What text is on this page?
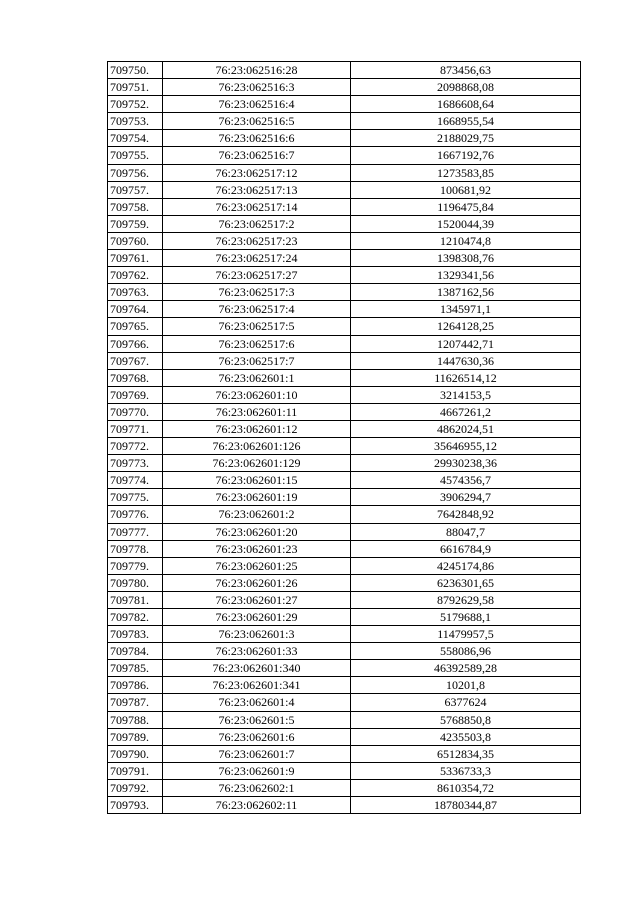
709750.	76:23:062516:28	873456,63
709751.	76:23:062516:3	2098868,08
709752.	76:23:062516:4	1686608,64
709753.	76:23:062516:5	1668955,54
709754.	76:23:062516:6	2188029,75
709755.	76:23:062516:7	1667192,76
709756.	76:23:062517:12	1273583,85
709757.	76:23:062517:13	100681,92
709758.	76:23:062517:14	1196475,84
709759.	76:23:062517:2	1520044,39
709760.	76:23:062517:23	1210474,8
709761.	76:23:062517:24	1398308,76
709762.	76:23:062517:27	1329341,56
709763.	76:23:062517:3	1387162,56
709764.	76:23:062517:4	1345971,1
709765.	76:23:062517:5	1264128,25
709766.	76:23:062517:6	1207442,71
709767.	76:23:062517:7	1447630,36
709768.	76:23:062601:1	11626514,12
709769.	76:23:062601:10	3214153,5
709770.	76:23:062601:11	4667261,2
709771.	76:23:062601:12	4862024,51
709772.	76:23:062601:126	35646955,12
709773.	76:23:062601:129	29930238,36
709774.	76:23:062601:15	4574356,7
709775.	76:23:062601:19	3906294,7
709776.	76:23:062601:2	7642848,92
709777.	76:23:062601:20	88047,7
709778.	76:23:062601:23	6616784,9
709779.	76:23:062601:25	4245174,86
709780.	76:23:062601:26	6236301,65
709781.	76:23:062601:27	8792629,58
709782.	76:23:062601:29	5179688,1
709783.	76:23:062601:3	11479957,5
709784.	76:23:062601:33	558086,96
709785.	76:23:062601:340	46392589,28
709786.	76:23:062601:341	10201,8
709787.	76:23:062601:4	6377624
709788.	76:23:062601:5	5768850,8
709789.	76:23:062601:6	4235503,8
709790.	76:23:062601:7	6512834,35
709791.	76:23:062601:9	5336733,3
709792.	76:23:062602:1	8610354,72
709793.	76:23:062602:11	18780344,87
